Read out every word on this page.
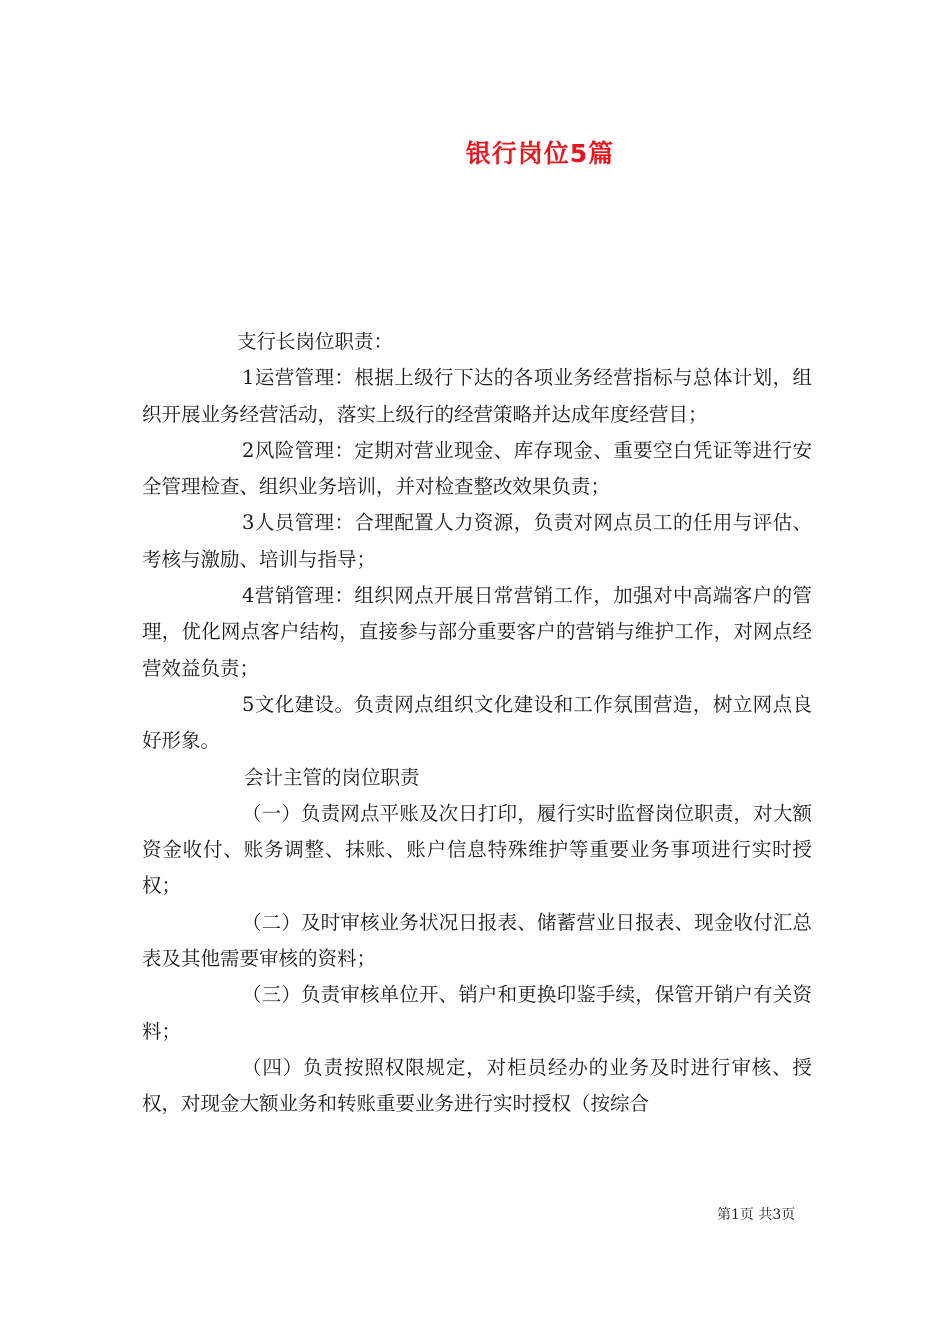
银行岗位5篇

支行长岗位职责：

1运营管理：根据上级行下达的各项业务经营指标与总体计划，组织开展业务经营活动，落实上级行的经营策略并达成年度经营目；

2风险管理：定期对营业现金、库存现金、重要空白凭证等进行安全管理检查、组织业务培训，并对检查整改效果负责；

3人员管理：合理配置人力资源，负责对网点员工的任用与评估、考核与激励、培训与指导；

4营销管理：组织网点开展日常营销工作，加强对中高端客户的管理，优化网点客户结构，直接参与部分重要客户的营销与维护工作，对网点经营效益负责；

5文化建设。负责网点组织文化建设和工作氛围营造，树立网点良好形象。

会计主管的岗位职责

（一）负责网点平账及次日打印，履行实时监督岗位职责，对大额资金收付、账务调整、抹账、账户信息特殊维护等重要业务事项进行实时授权；

（二）及时审核业务状况日报表、储蓄营业日报表、现金收付汇总表及其他需要审核的资料；

（三）负责审核单位开、销户和更换印鉴手续，保管开销户有关资料；

（四）负责按照权限规定，对柜员经办的业务及时进行审核、授权，对现金大额业务和转账重要业务进行实时授权（按综合

第1页 共3页
